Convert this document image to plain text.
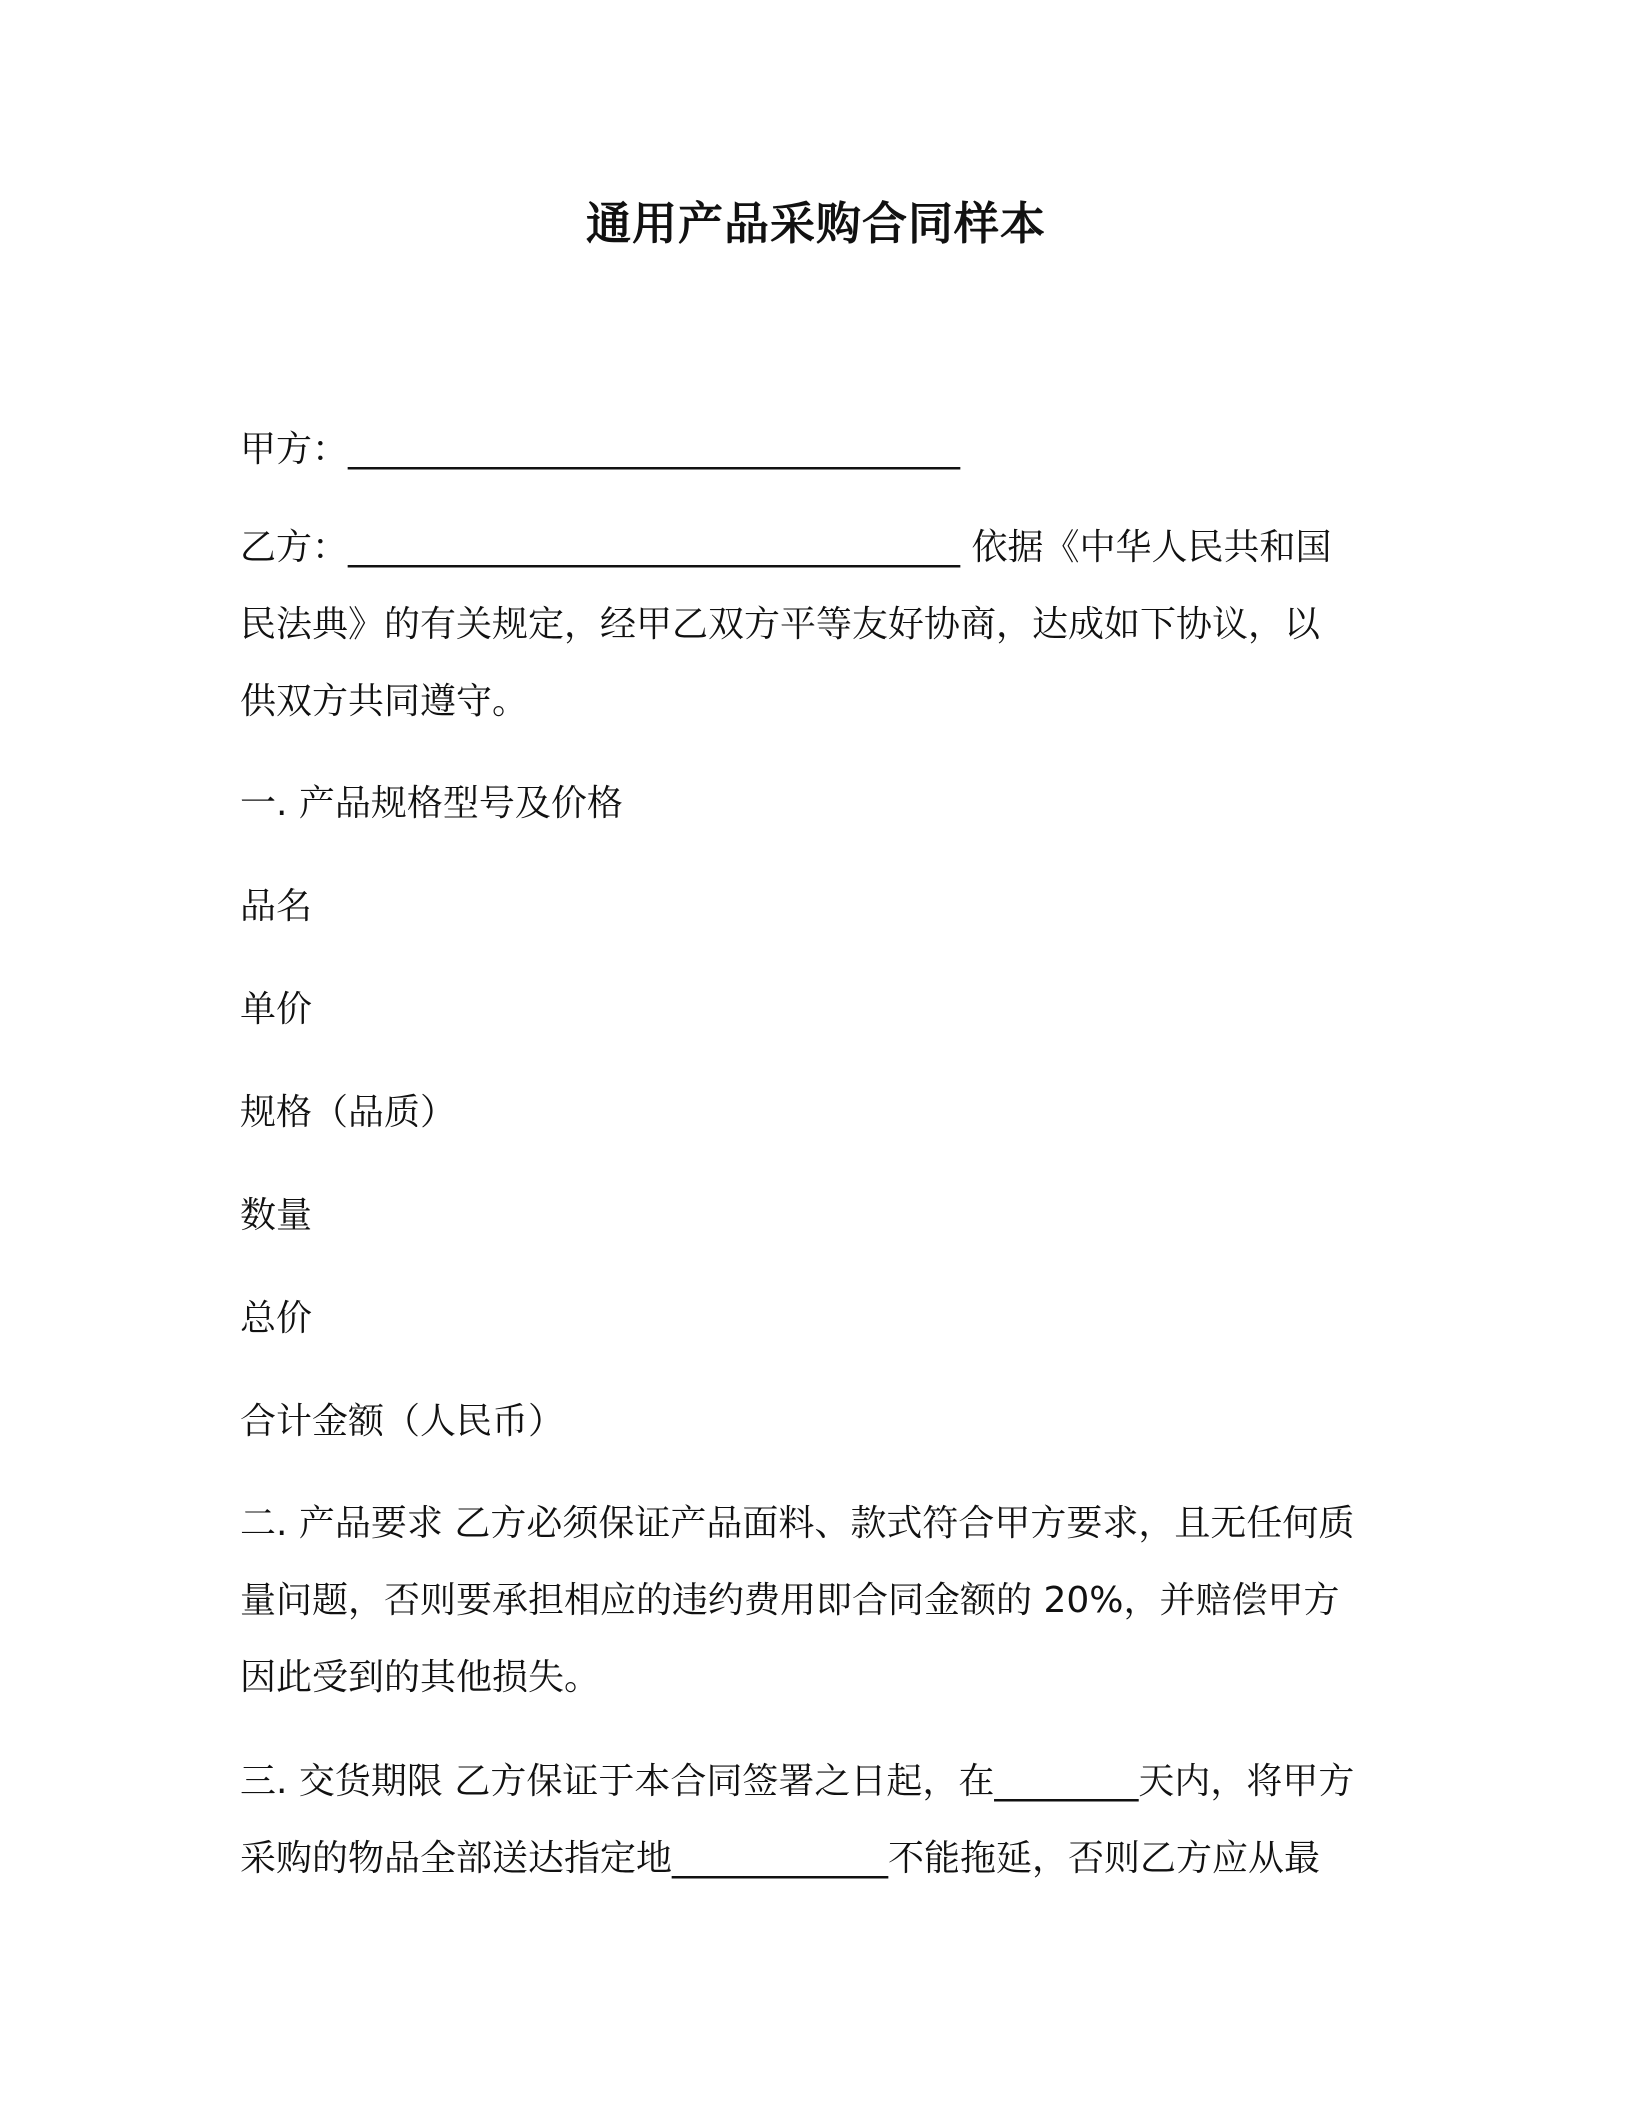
通用产品采购合同样本
甲方：__________________________________
乙方：__________________________________ 依据《中华人民共和国
民法典》的有关规定，经甲乙双方平等友好协商，达成如下协议，以
供双方共同遵守。
一. 产品规格型号及价格
品名
单价
规格（品质）
数量
总价
合计金额（人民币）
二. 产品要求 乙方必须保证产品面料、款式符合甲方要求，且无任何质
量问题，否则要承担相应的违约费用即合同金额的 20%，并赔偿甲方
因此受到的其他损失。
三. 交货期限 乙方保证于本合同签署之日起，在________天内，将甲方
采购的物品全部送达指定地____________不能拖延，否则乙方应从最
